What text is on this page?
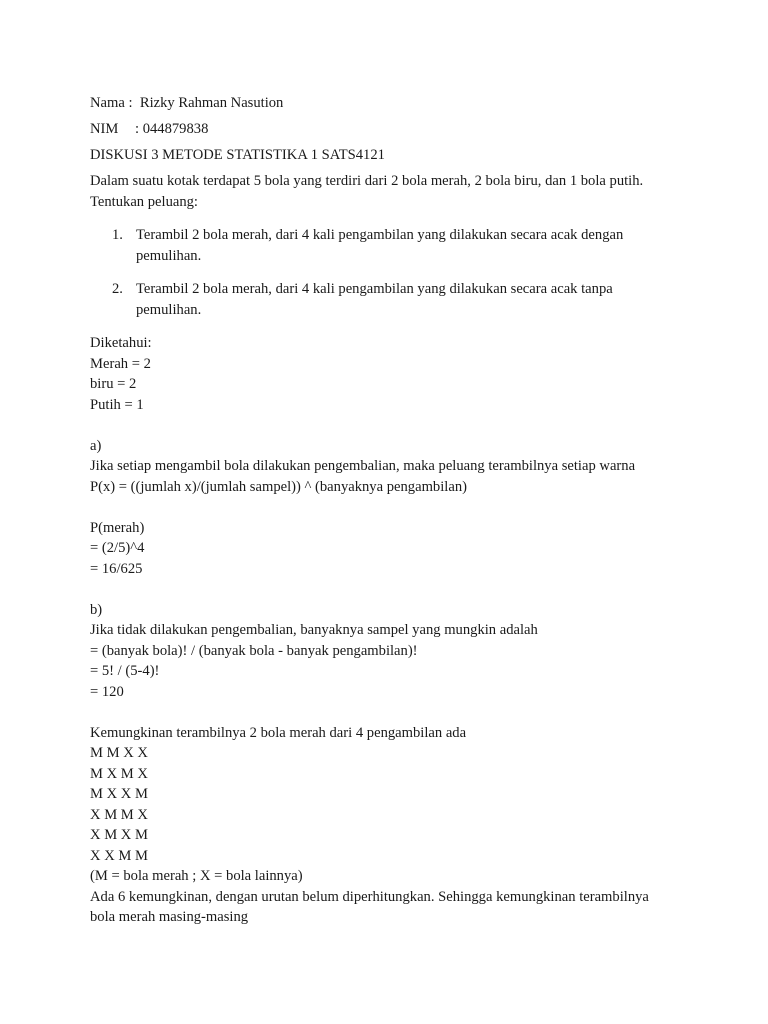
Nama : Rizky Rahman Nasution
NIM : 044879838
DISKUSI 3 METODE STATISTIKA 1 SATS4121
Dalam suatu kotak terdapat 5 bola yang terdiri dari 2 bola merah, 2 bola biru, dan 1 bola putih.
Tentukan peluang:
1. Terambil 2 bola merah, dari 4 kali pengambilan yang dilakukan secara acak dengan
pemulihan.
2. Terambil 2 bola merah, dari 4 kali pengambilan yang dilakukan secara acak tanpa
pemulihan.
Diketahui:
Merah = 2
biru = 2
Putih = 1
a)
Jika setiap mengambil bola dilakukan pengembalian, maka peluang terambilnya setiap warna
P(x) = ((jumlah x)/(jumlah sampel)) ^ (banyaknya pengambilan)
P(merah)
= (2/5)^4
= 16/625
b)
Jika tidak dilakukan pengembalian, banyaknya sampel yang mungkin adalah
= (banyak bola)! / (banyak bola - banyak pengambilan)!
= 5! / (5-4)!
= 120
Kemungkinan terambilnya 2 bola merah dari 4 pengambilan ada
M M X X
M X M X
M X X M
X M M X
X M X M
X X M M
(M = bola merah ; X = bola lainnya)
Ada 6 kemungkinan, dengan urutan belum diperhitungkan. Sehingga kemungkinan terambilnya
bola merah masing-masing
